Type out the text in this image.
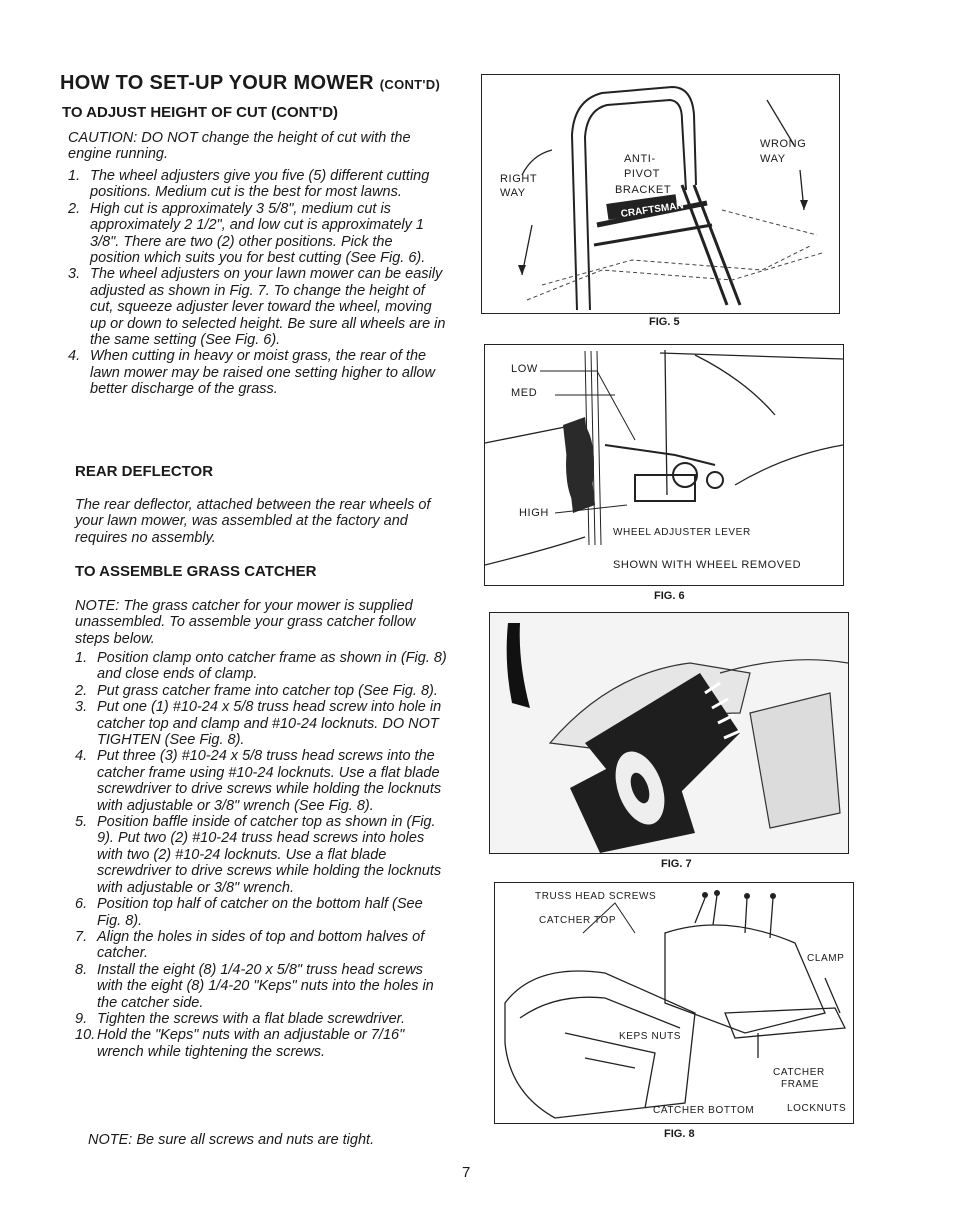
HOW TO SET-UP YOUR MOWER (CONT'D)
TO ADJUST HEIGHT OF CUT (CONT'D)
CAUTION: DO NOT change the height of cut with the engine running.
1. The wheel adjusters give you five (5) different cutting positions. Medium cut is the best for most lawns.
2. High cut is approximately 3 5/8", medium cut is approximately 2 1/2", and low cut is approximately 1 3/8". There are two (2) other positions. Pick the position which suits you for best cutting (See Fig. 6).
3. The wheel adjusters on your lawn mower can be easily adjusted as shown in Fig. 7. To change the height of cut, squeeze adjuster lever toward the wheel, moving up or down to selected height. Be sure all wheels are in the same setting (See Fig. 6).
4. When cutting in heavy or moist grass, the rear of the lawn mower may be raised one setting higher to allow better discharge of the grass.
REAR DEFLECTOR
The rear deflector, attached between the rear wheels of your lawn mower, was assembled at the factory and requires no assembly.
TO ASSEMBLE GRASS CATCHER
NOTE: The grass catcher for your mower is supplied unassembled. To assemble your grass catcher follow steps below.
1. Position clamp onto catcher frame as shown in (Fig. 8) and close ends of clamp.
2. Put grass catcher frame into catcher top (See Fig. 8).
3. Put one (1) #10-24 x 5/8 truss head screw into hole in catcher top and clamp and #10-24 locknuts. DO NOT TIGHTEN (See Fig. 8).
4. Put three (3) #10-24 x 5/8 truss head screws into the catcher frame using #10-24 locknuts. Use a flat blade screwdriver to drive screws while holding the locknuts with adjustable or 3/8" wrench (See Fig. 8).
5. Position baffle inside of catcher top as shown in (Fig. 9). Put two (2) #10-24 truss head screws into holes with two (2) #10-24 locknuts. Use a flat blade screwdriver to drive screws while holding the locknuts with adjustable or 3/8" wrench.
6. Position top half of catcher on the bottom half (See Fig. 8).
7. Align the holes in sides of top and bottom halves of catcher.
8. Install the eight (8) 1/4-20 x 5/8" truss head screws with the eight (8) 1/4-20 "Keps" nuts into the holes in the catcher side.
9. Tighten the screws with a flat blade screwdriver.
10. Hold the "Keps" nuts with an adjustable or 7/16" wrench while tightening the screws.
NOTE: Be sure all screws and nuts are tight.
CRAFTSMAN
RIGHT
WAY
ANTI-
PIVOT
BRACKET
WRONG
WAY
FIG. 5
LOW
MED
HIGH
WHEEL ADJUSTER LEVER
SHOWN WITH WHEEL REMOVED
FIG. 6
FIG. 7
TRUSS HEAD SCREWS
CATCHER TOP
CLAMP
KEPS NUTS
CATCHER
FRAME
CATCHER BOTTOM	LOCKNUTS
FIG. 8
7
